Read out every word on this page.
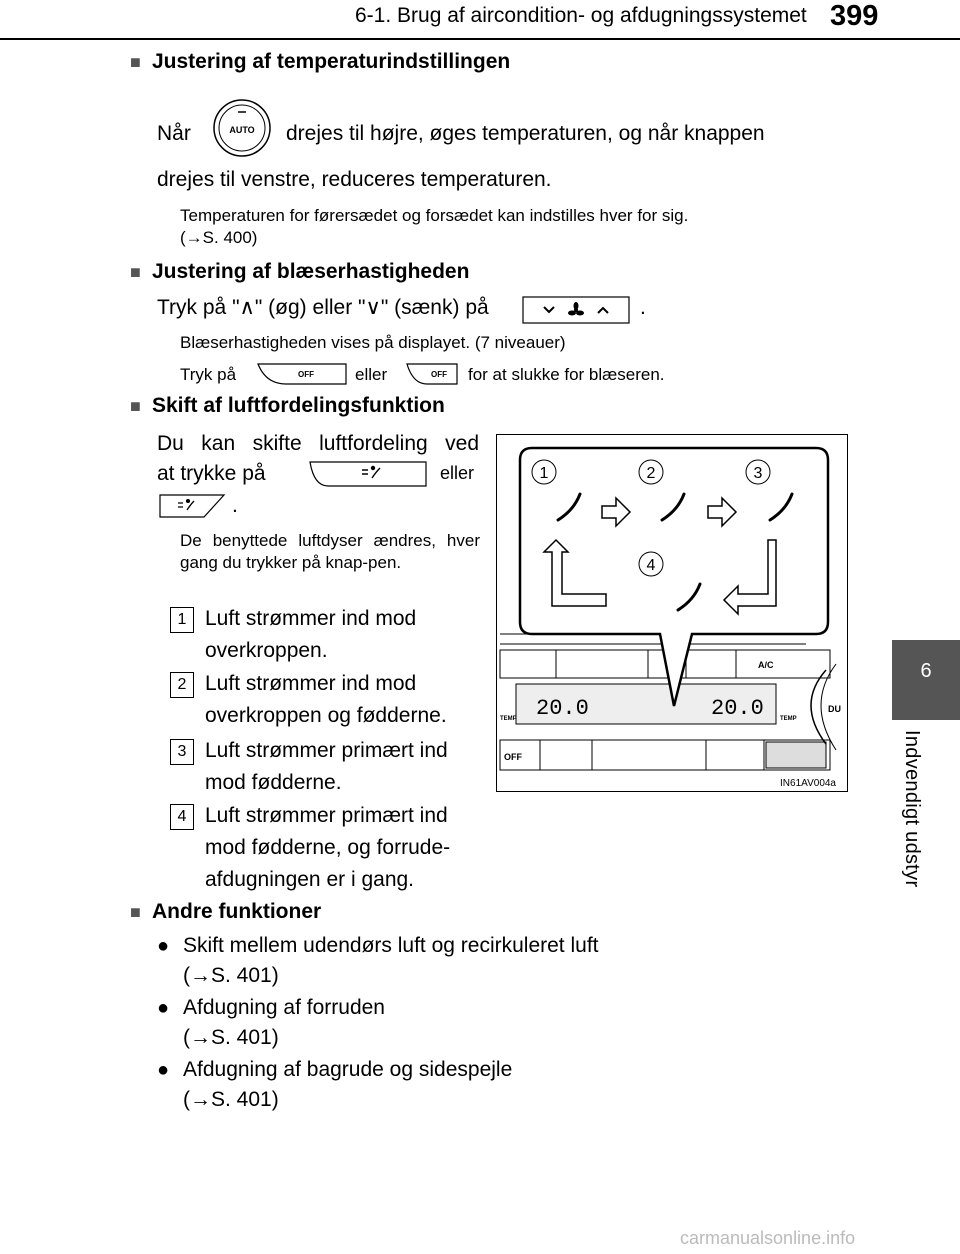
6-1. Brug af aircondition- og afdugningssystemet 399
6
Indvendigt udstyr
■ Justering af temperaturindstillingen
Når	AUTO drejes til højre, øges temperaturen, og når knappen
drejes til venstre, reduceres temperaturen.
Temperaturen for førersædet og forsædet kan indstilles hver for sig.
(→S. 400)
■ Justering af blæserhastigheden
Tryk på "∧" (øg) eller "∨" (sænk) på	.
Blæserhastigheden vises på displayet. (7 niveauer)
Tryk på	OFF eller	OFF for at slukke for blæseren.
■ Skift af luftfordelingsfunktion
Du kan skifte luftfordeling ved
at trykke på	eller
.
De benyttede luftdyser ændres, hver gang du trykker på knap-pen.
1 Luft strømmer ind mod overkroppen.
2 Luft strømmer ind mod overkroppen og fødderne.
3 Luft strømmer primært ind mod fødderne.
4 Luft strømmer primært ind mod fødderne, og forrude-afdugningen er i gang.
20.0	20.0
TEMP	TEMP
A/C
OFF
DU
1	2	3
4
IN61AV004a
■ Andre funktioner
● Skift mellem udendørs luft og recirkuleret luft
(→S. 401)
● Afdugning af forruden
(→S. 401)
● Afdugning af bagrude og sidespejle
(→S. 401)
carmanualsonline.info
